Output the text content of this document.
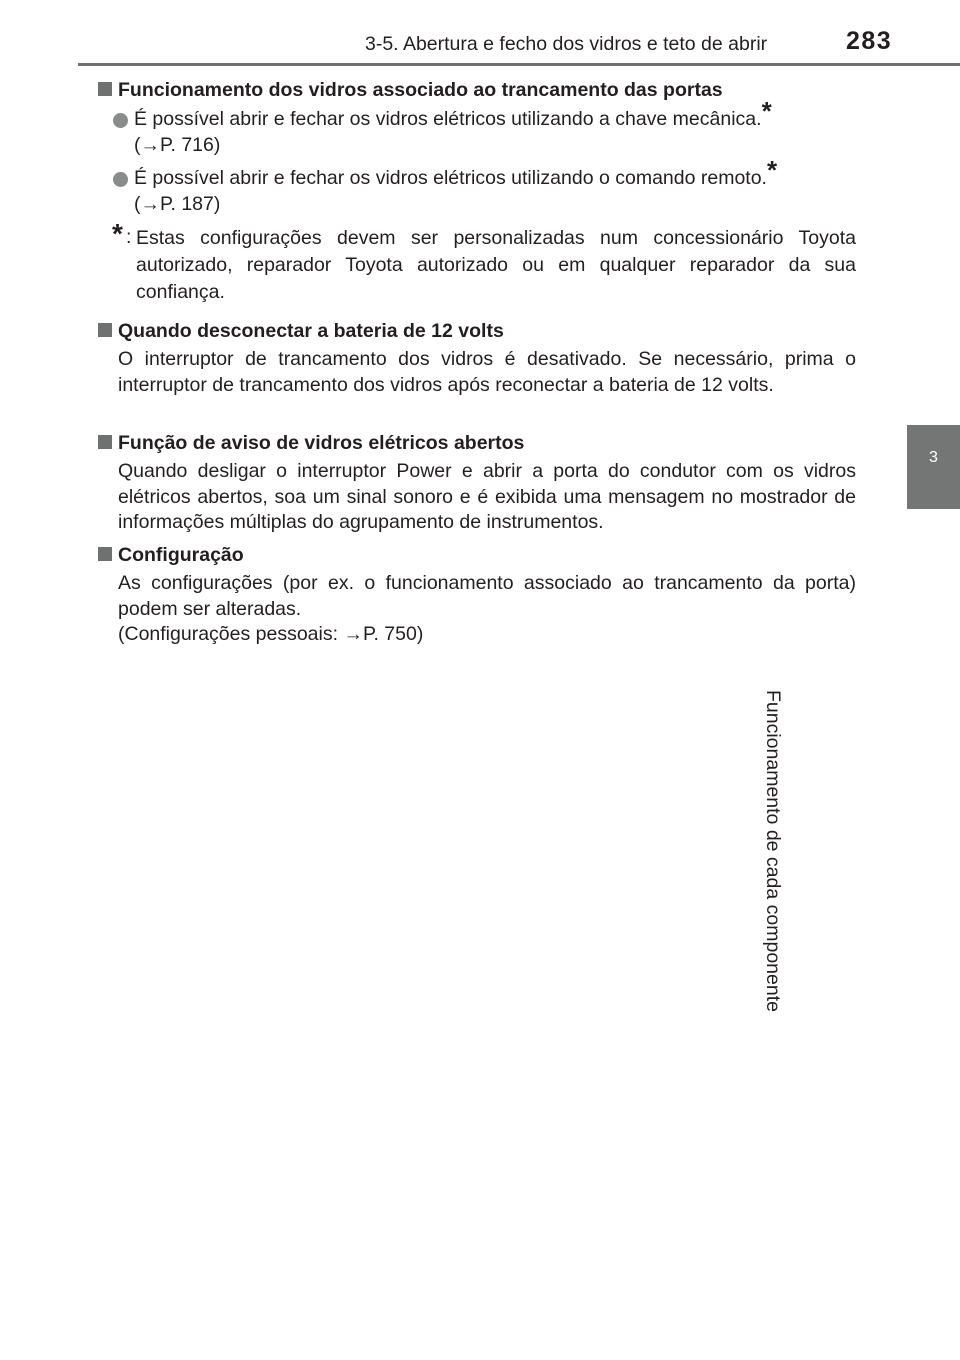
3-5. Abertura e fecho dos vidros e teto de abrir	283
3
Funcionamento de cada componente
Funcionamento dos vidros associado ao trancamento das portas
É possível abrir e fechar os vidros elétricos utilizando a chave mecânica.*
(→P. 716)
É possível abrir e fechar os vidros elétricos utilizando o comando remoto.*
(→P. 187)
* : Estas configurações devem ser personalizadas num concessionário Toyota autorizado, reparador Toyota autorizado ou em qualquer reparador da sua confiança.
Quando desconectar a bateria de 12 volts
O interruptor de trancamento dos vidros é desativado. Se necessário, prima o interruptor de trancamento dos vidros após reconectar a bateria de 12 volts.
Função de aviso de vidros elétricos abertos
Quando desligar o interruptor Power e abrir a porta do condutor com os vidros elétricos abertos, soa um sinal sonoro e é exibida uma mensagem no mostrador de informações múltiplas do agrupamento de instrumentos.
Configuração
As configurações (por ex. o funcionamento associado ao trancamento da porta) podem ser alteradas.
(Configurações pessoais: →P. 750)
